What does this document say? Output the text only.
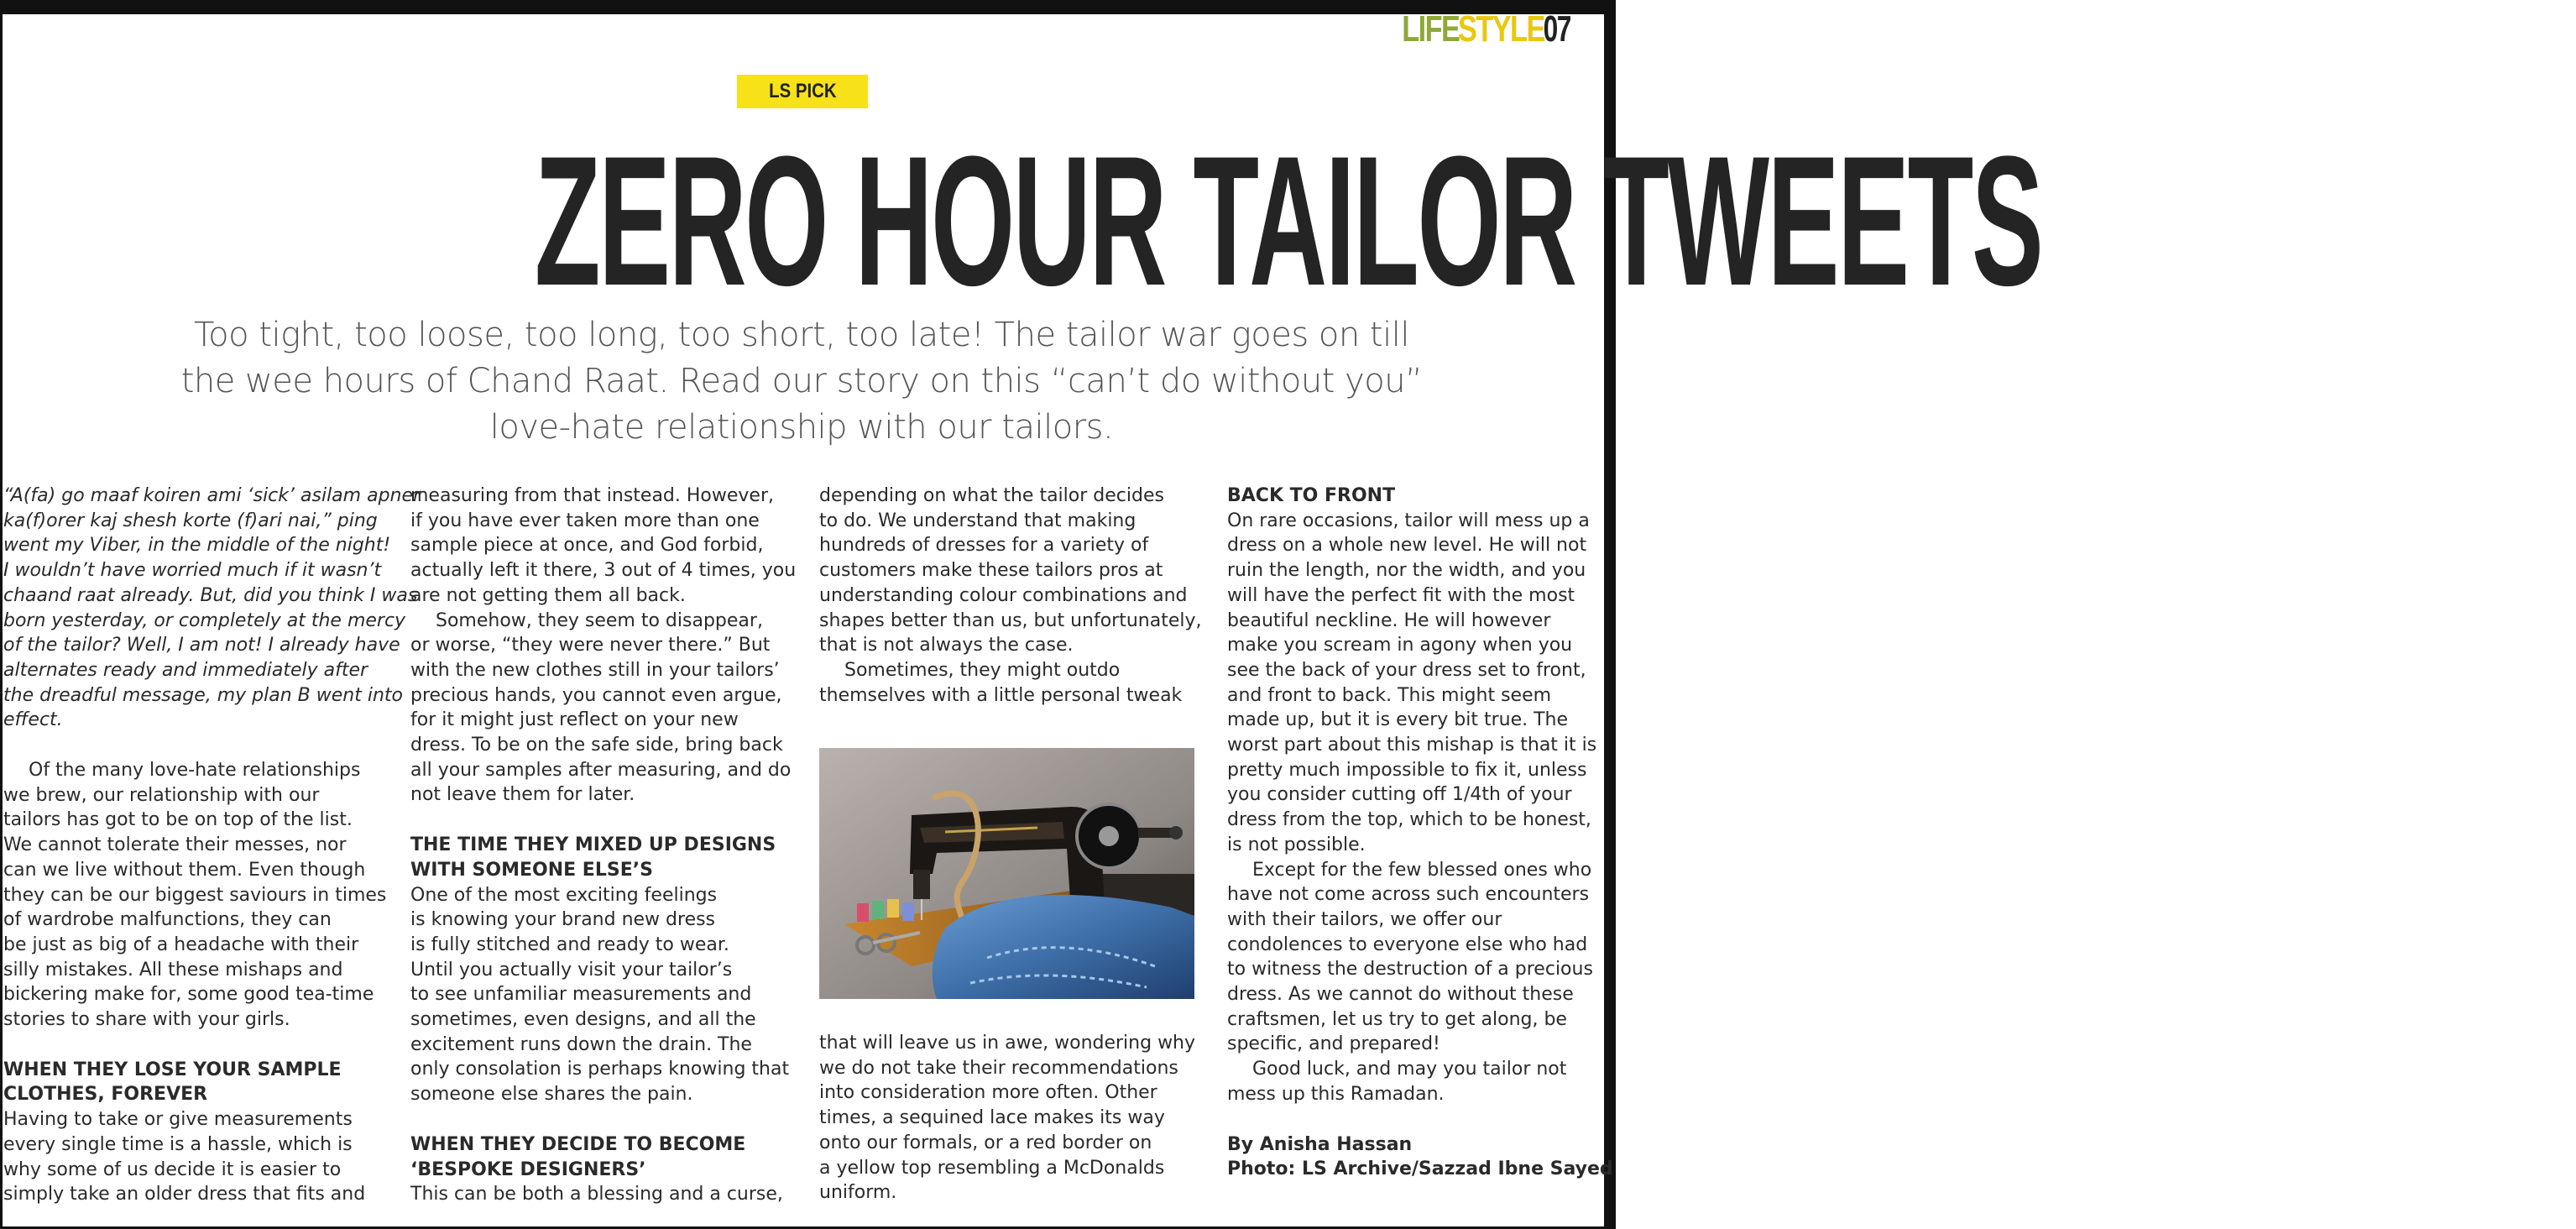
LIFE
STYLE
07
LS PICK
ZERO HOUR TAILOR TWEETS
Too tight, too loose, too long, too short, too late! The tailor war goes on till
the wee hours of Chand Raat. Read our story on this “can’t do without you”
love-hate relationship with our tailors.
“A(fa) go maaf koiren ami ‘sick’ asilam apner
ka(f)orer kaj shesh korte (f)ari nai,” ping
went my Viber, in the middle of the night!
I wouldn’t have worried much if it wasn’t
chaand raat already. But, did you think I was
born yesterday, or completely at the mercy
of the tailor? Well, I am not! I already have
alternates ready and immediately after
the dreadful message, my plan B went into
effect.
Of the many love-hate relationships
we brew, our relationship with our
tailors has got to be on top of the list.
We cannot tolerate their messes, nor
can we live without them. Even though
they can be our biggest saviours in times
of wardrobe malfunctions, they can
be just as big of a headache with their
silly mistakes. All these mishaps and
bickering make for, some good tea-time
stories to share with your girls.
WHEN THEY LOSE YOUR SAMPLE
CLOTHES, FOREVER
Having to take or give measurements
every single time is a hassle, which is
why some of us decide it is easier to
simply take an older dress that fits and
measuring from that instead. However,
if you have ever taken more than one
sample piece at once, and God forbid,
actually left it there, 3 out of 4 times, you
are not getting them all back.
Somehow, they seem to disappear,
or worse, “they were never there.” But
with the new clothes still in your tailors’
precious hands, you cannot even argue,
for it might just reflect on your new
dress. To be on the safe side, bring back
all your samples after measuring, and do
not leave them for later.
THE TIME THEY MIXED UP DESIGNS
WITH SOMEONE ELSE’S
One of the most exciting feelings
is knowing your brand new dress
is fully stitched and ready to wear.
Until you actually visit your tailor’s
to see unfamiliar measurements and
sometimes, even designs, and all the
excitement runs down the drain. The
only consolation is perhaps knowing that
someone else shares the pain.
WHEN THEY DECIDE TO BECOME
‘BESPOKE DESIGNERS’
This can be both a blessing and a curse,
depending on what the tailor decides
to do. We understand that making
hundreds of dresses for a variety of
customers make these tailors pros at
understanding colour combinations and
shapes better than us, but unfortunately,
that is not always the case.
Sometimes, they might outdo
themselves with a little personal tweak
that will leave us in awe, wondering why
we do not take their recommendations
into consideration more often. Other
times, a sequined lace makes its way
onto our formals, or a red border on
a yellow top resembling a McDonalds
uniform.
BACK TO FRONT
On rare occasions, tailor will mess up a
dress on a whole new level. He will not
ruin the length, nor the width, and you
will have the perfect fit with the most
beautiful neckline. He will however
make you scream in agony when you
see the back of your dress set to front,
and front to back. This might seem
made up, but it is every bit true. The
worst part about this mishap is that it is
pretty much impossible to fix it, unless
you consider cutting off 1/4th of your
dress from the top, which to be honest,
is not possible.
Except for the few blessed ones who
have not come across such encounters
with their tailors, we offer our
condolences to everyone else who had
to witness the destruction of a precious
dress. As we cannot do without these
craftsmen, let us try to get along, be
specific, and prepared!
Good luck, and may you tailor not
mess up this Ramadan.
By Anisha Hassan
Photo: LS Archive/Sazzad Ibne Sayed
